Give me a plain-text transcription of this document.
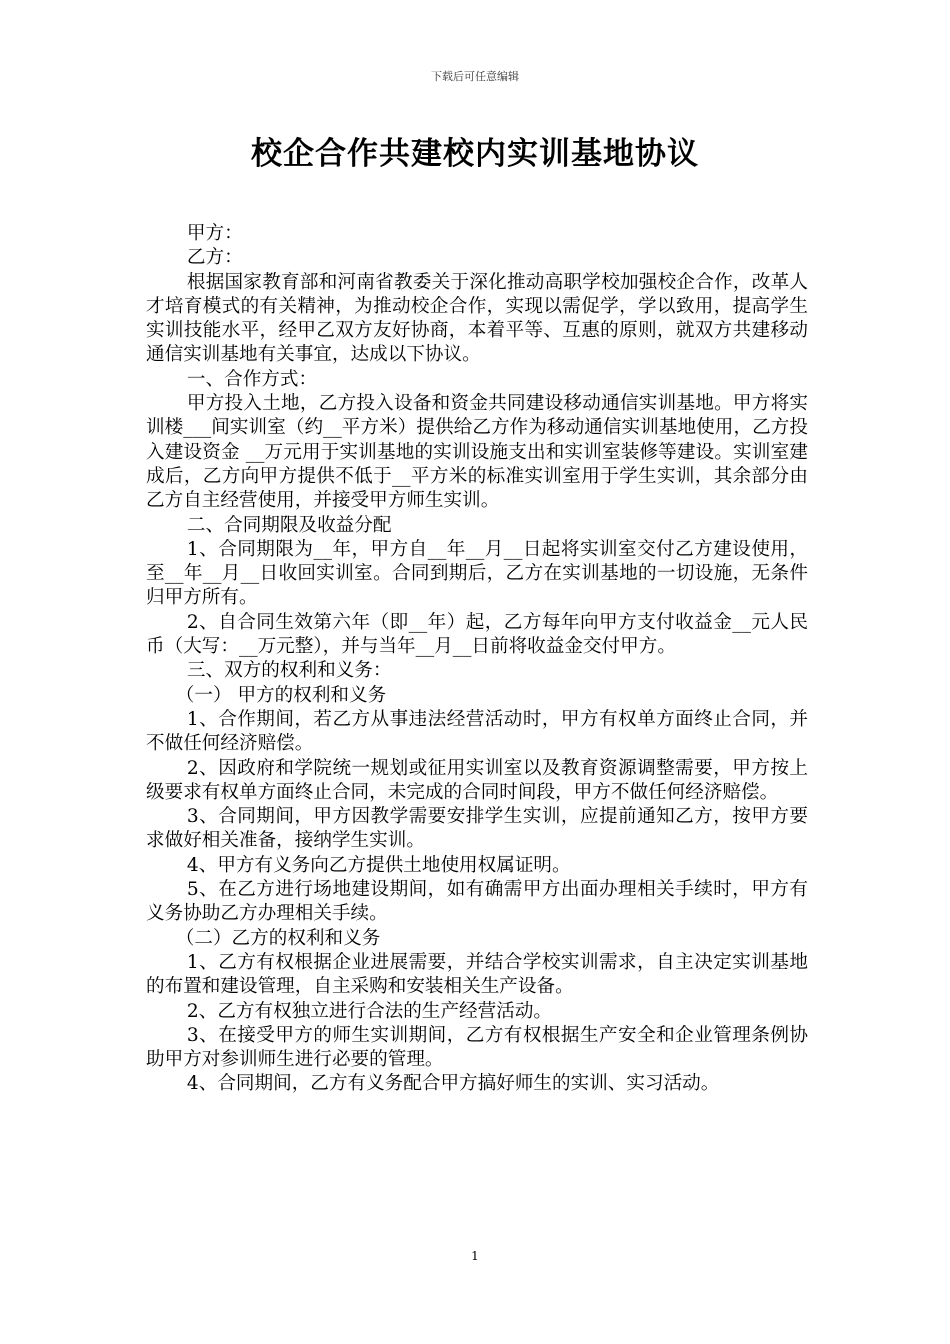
下载后可任意编辑
校企合作共建校内实训基地协议

甲方：

乙方：

根据国家教育部和河南省教委关于深化推动高职学校加强校企合作，改革人才培育模式的有关精神，为推动校企合作，实现以需促学，学以致用，提高学生实训技能水平，经甲乙双方友好协商，本着平等、互惠的原则，就双方共建移动通信实训基地有关事宜，达成以下协议。

一、合作方式：

甲方投入土地，乙方投入设备和资金共同建设移动通信实训基地。甲方将实训楼___间实训室（约__平方米）提供给乙方作为移动通信实训基地使用，乙方投入建设资金 __万元用于实训基地的实训设施支出和实训室装修等建设。实训室建成后，乙方向甲方提供不低于__平方米的标准实训室用于学生实训，其余部分由乙方自主经营使用，并接受甲方师生实训。

二、合同期限及收益分配

1、合同期限为__年，甲方自__年__月__日起将实训室交付乙方建设使用，至__年__月__日收回实训室。合同到期后，乙方在实训基地的一切设施，无条件归甲方所有。

2、自合同生效第六年（即__年）起，乙方每年向甲方支付收益金__元人民币（大写：__万元整），并与当年__月__日前将收益金交付甲方。

三、双方的权利和义务：

（一） 甲方的权利和义务

1、合作期间，若乙方从事违法经营活动时，甲方有权单方面终止合同，并不做任何经济赔偿。

2、因政府和学院统一规划或征用实训室以及教育资源调整需要，甲方按上级要求有权单方面终止合同，未完成的合同时间段，甲方不做任何经济赔偿。

3、合同期间，甲方因教学需要安排学生实训，应提前通知乙方，按甲方要求做好相关准备，接纳学生实训。

4、甲方有义务向乙方提供土地使用权属证明。

5、在乙方进行场地建设期间，如有确需甲方出面办理相关手续时，甲方有义务协助乙方办理相关手续。

（二）乙方的权利和义务

1、乙方有权根据企业进展需要，并结合学校实训需求，自主决定实训基地的布置和建设管理，自主采购和安装相关生产设备。

2、乙方有权独立进行合法的生产经营活动。

3、在接受甲方的师生实训期间，乙方有权根据生产安全和企业管理条例协助甲方对参训师生进行必要的管理。

4、合同期间，乙方有义务配合甲方搞好师生的实训、实习活动。

1
